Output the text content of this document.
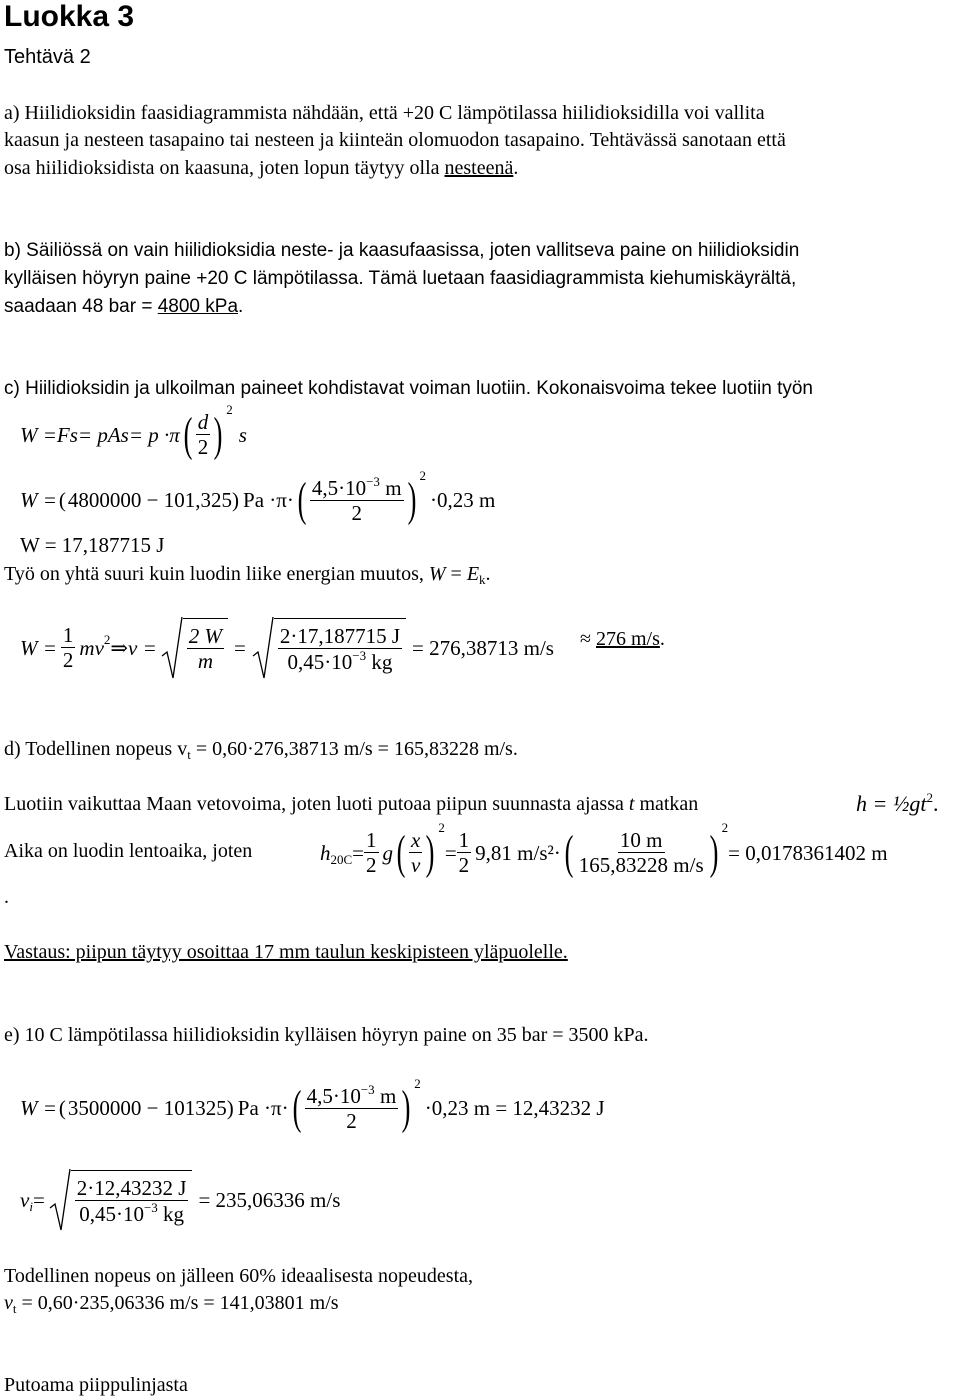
Luokka 3
Tehtävä 2
a) Hiilidioksidin faasidiagrammista nähdään, että +20 C lämpötilassa hiilidioksidilla voi vallita
kaasun ja nesteen tasapaino tai nesteen ja kiinteän olomuodon tasapaino. Tehtävässä sanotaan että
osa hiilidioksidista on kaasuna, joten lopun täytyy olla nesteenä.
b) Säiliössä on vain hiilidioksidia neste- ja kaasufaasissa, joten vallitseva paine on hiilidioksidin
kylläisen höyryn paine +20 C lämpötilassa. Tämä luetaan faasidiagrammista kiehumiskäyrältä,
saadaan 48 bar = 4800 kPa.
c) Hiilidioksidin ja ulkoilman paineet kohdistavat voiman luotiin. Kokonaisvoima tekee luotiin työn
W =Fs= pAs= p ·π ( $\frac{d}{2}$ ) 2
s
W = ( 4800000 − 101,325 ) Pa ·π· ( $\frac{4,5\cdot 10^{-3} m}{2}$ ) 2
·0,23 m
W = 17,187715 J
Työ on yhtä suuri kuin luodin liike energian muutos, $W = E_k$.
$W = \frac{1}{2}$ mv 2 ⇒ $v = \frac{2 W}{m} = \frac{2\cdot 17,187715 J}{0,45\cdot 10^{-3} kg} = 276,38713$ m/s ≈ 276 m/s.
d) Todellinen nopeus $v_t = 0,60\cdot 276,38713$ m/s = 165,83228 m/s.
Luotiin vaikuttaa Maan vetovoima, joten luoti putoaa piipun suunnasta ajassa t matkan	$h = \frac{1}{2}gt^2$.
Aika on luodin lentoaika, joten	h $20C = \frac{1}{2}$ g ( $\frac{x}{v}$ ) 2
= $\frac{1}{2} 9,81$ m/s²· ( $\frac{10 m}{165,83228 m/s}$ ) 2
= 0,0178361402 m
.
Vastaus: piipun täytyy osoittaa 17 mm taulun keskipisteen yläpuolelle.
e) 10 C lämpötilassa hiilidioksidin kylläisen höyryn paine on 35 bar = 3500 kPa.
W = ( 3500000 − 101325 ) Pa ·π· ( $\frac{4,5\cdot 10^{-3} m}{2}$ ) 2
·0,23 m = 12,43232 J
v $i = \frac{2\cdot 12,43232 J}{0,45\cdot 10^{-3} kg} = 235,06336$ m/s
Todellinen nopeus on jälleen 60% ideaalisesta nopeudesta,
$v_t = 0,60\cdot 235,06336$ m/s = 141,03801 m/s
Putoama piippulinjasta
